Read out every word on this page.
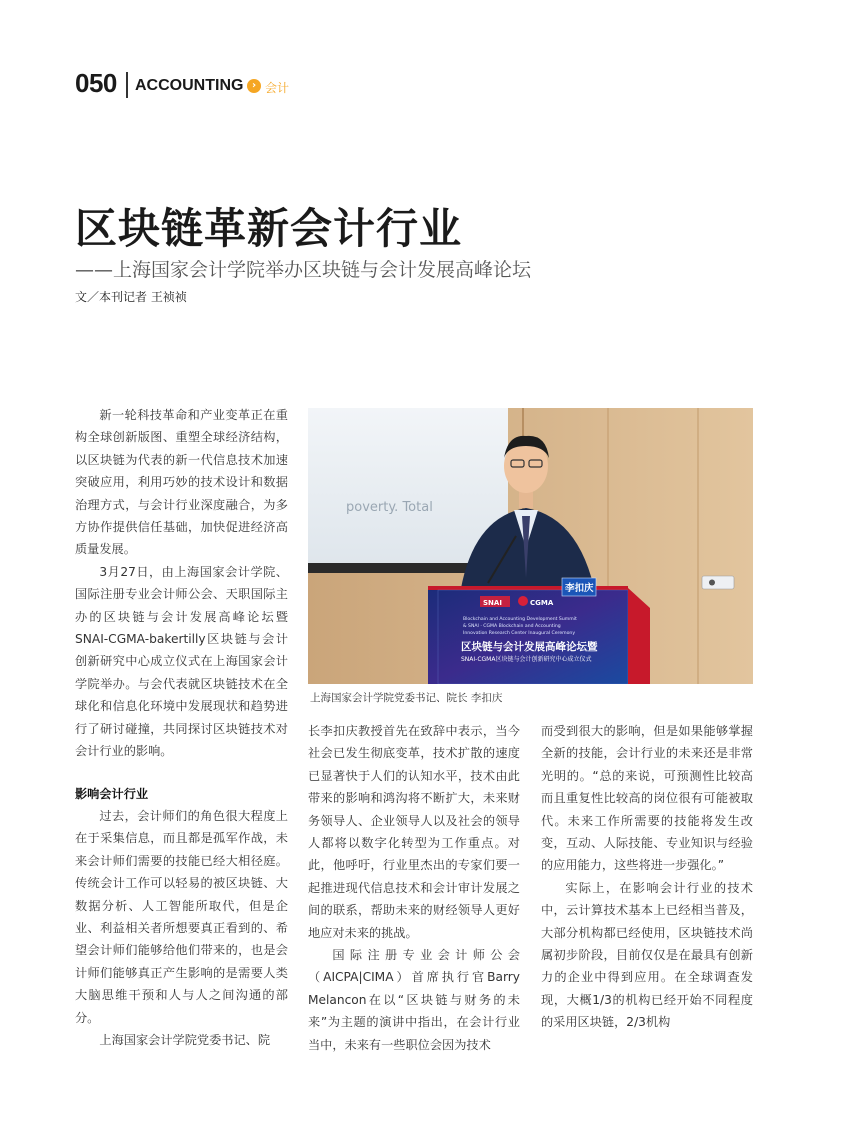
050 ACCOUNTING › 会计
区块链革新会计行业
——上海国家会计学院举办区块链与会计发展高峰论坛
文／本刊记者 王祯祯

新一轮科技革命和产业变革正在重构全球创新版图、重塑全球经济结构，以区块链为代表的新一代信息技术加速突破应用，利用巧妙的技术设计和数据治理方式，与会计行业深度融合，为多方协作提供信任基础，加快促进经济高质量发展。

3月27日，由上海国家会计学院、国际注册专业会计师公会、天职国际主办的区块链与会计发展高峰论坛暨SNAI-CGMA-bakertilly区块链与会计创新研究中心成立仪式在上海国家会计学院举办。与会代表就区块链技术在全球化和信息化环境中发展现状和趋势进行了研讨碰撞，共同探讨区块链技术对会计行业的影响。

影响会计行业

过去，会计师们的角色很大程度上在于采集信息，而且都是孤军作战，未来会计师们需要的技能已经大相径庭。传统会计工作可以轻易的被区块链、大数据分析、人工智能所取代，但是企业、利益相关者所想要真正看到的、希望会计师们能够给他们带来的，也是会计师们能够真正产生影响的是需要人类大脑思维干预和人与人之间沟通的部分。

上海国家会计学院党委书记、院

poverty. Total
SNAI	CGMA
Blockchain and Accounting Development Summit
& SNAI · CGMA Blockchain and Accounting
Innovation Research Center Inaugural Ceremony
区块链与会计发展高峰论坛暨
SNAI-CGMA区块链与会计创新研究中心成立仪式
李扣庆
上海国家会计学院党委书记、院长 李扣庆

长李扣庆教授首先在致辞中表示，当今社会已发生彻底变革，技术扩散的速度已显著快于人们的认知水平，技术由此带来的影响和鸿沟将不断扩大，未来财务领导人、企业领导人以及社会的领导人都将以数字化转型为工作重点。对此，他呼吁，行业里杰出的专家们要一起推进现代信息技术和会计审计发展之间的联系，帮助未来的财经领导人更好地应对未来的挑战。

国际注册专业会计师公会（AICPA|CIMA）首席执行官Barry Melancon在以“区块链与财务的未来”为主题的演讲中指出，在会计行业当中，未来有一些职位会因为技术

而受到很大的影响，但是如果能够掌握全新的技能，会计行业的未来还是非常光明的。“总的来说，可预测性比较高而且重复性比较高的岗位很有可能被取代。未来工作所需要的技能将发生改变，互动、人际技能、专业知识与经验的应用能力，这些将进一步强化。”

实际上，在影响会计行业的技术中，云计算技术基本上已经相当普及，大部分机构都已经使用，区块链技术尚属初步阶段，目前仅仅是在最具有创新力的企业中得到应用。在全球调查发现，大概1/3的机构已经开始不同程度的采用区块链，2/3机构
